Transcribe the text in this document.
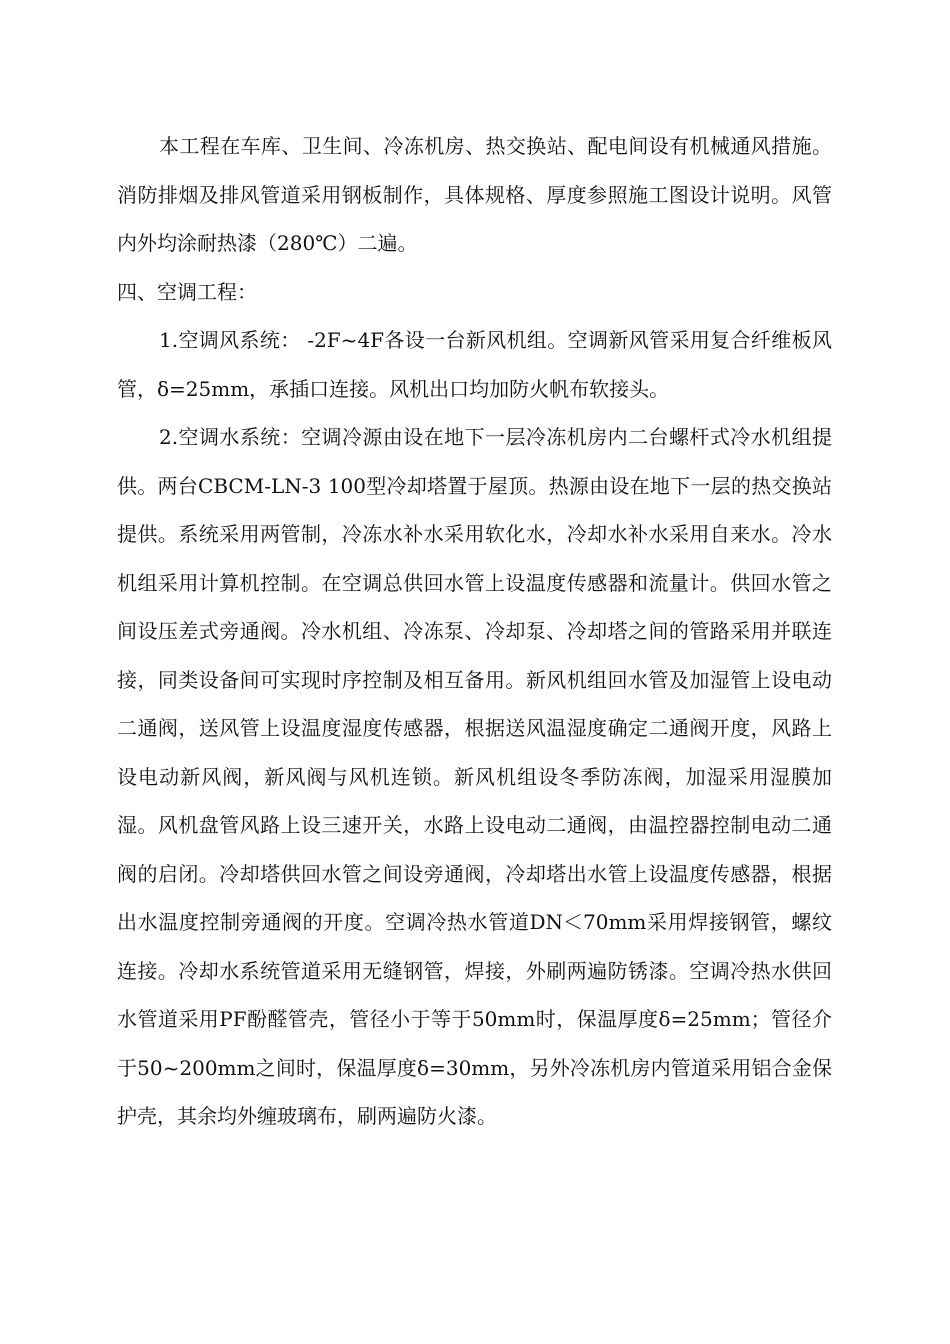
本工程在车库、卫生间、冷冻机房、热交换站、配电间设有机械通风措施。消防排烟及排风管道采用钢板制作，具体规格、厚度参照施工图设计说明。风管内外均涂耐热漆（280℃）二遍。

四、空调工程：

1.空调风系统： -2F~4F各设一台新风机组。空调新风管采用复合纤维板风管，δ=25mm，承插口连接。风机出口均加防火帆布软接头。

2.空调水系统：空调冷源由设在地下一层冷冻机房内二台螺杆式冷水机组提供。两台CBCM-LN-3 100型冷却塔置于屋顶。热源由设在地下一层的热交换站提供。系统采用两管制，冷冻水补水采用软化水，冷却水补水采用自来水。冷水机组采用计算机控制。在空调总供回水管上设温度传感器和流量计。供回水管之间设压差式旁通阀。冷水机组、冷冻泵、冷却泵、冷却塔之间的管路采用并联连接，同类设备间可实现时序控制及相互备用。新风机组回水管及加湿管上设电动二通阀，送风管上设温度湿度传感器，根据送风温湿度确定二通阀开度，风路上设电动新风阀，新风阀与风机连锁。新风机组设冬季防冻阀，加湿采用湿膜加湿。风机盘管风路上设三速开关，水路上设电动二通阀，由温控器控制电动二通阀的启闭。冷却塔供回水管之间设旁通阀，冷却塔出水管上设温度传感器，根据出水温度控制旁通阀的开度。空调冷热水管道DN＜70mm采用焊接钢管，螺纹连接。冷却水系统管道采用无缝钢管，焊接，外刷两遍防锈漆。空调冷热水供回水管道采用PF酚醛管壳，管径小于等于50mm时，保温厚度δ=25mm；管径介于50~200mm之间时，保温厚度δ=30mm，另外冷冻机房内管道采用铝合金保护壳，其余均外缠玻璃布，刷两遍防火漆。
